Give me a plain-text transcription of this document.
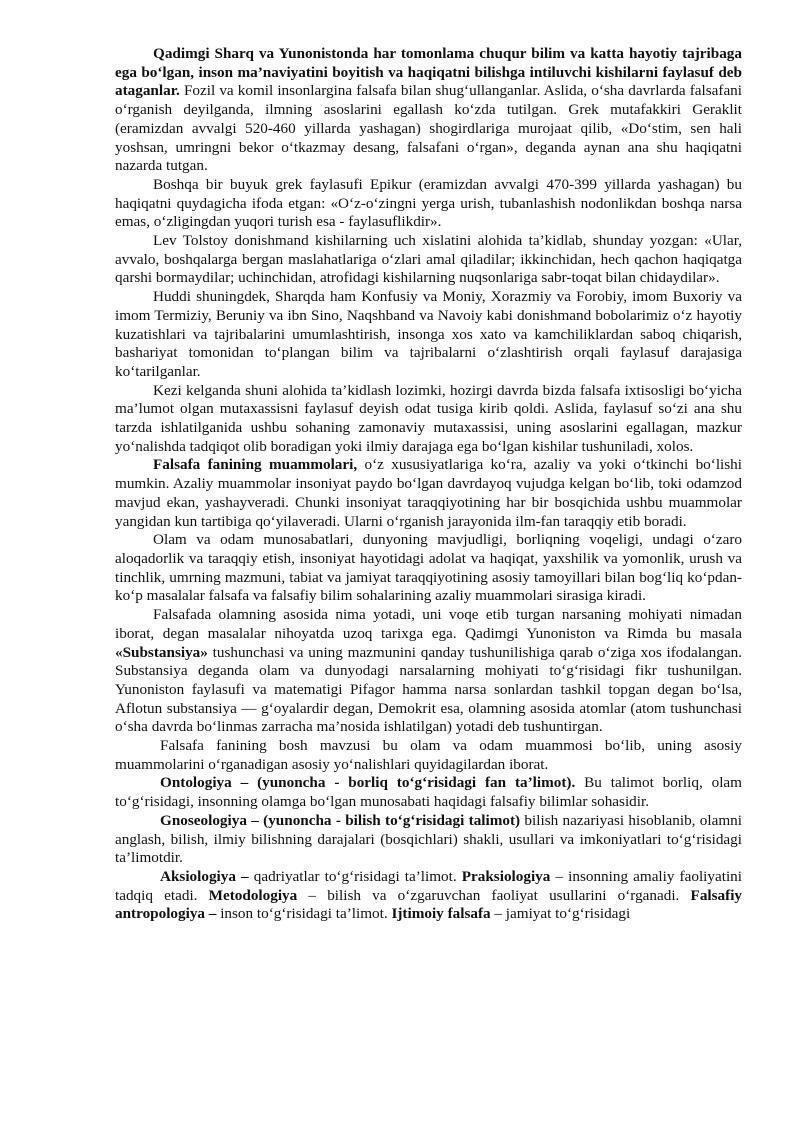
Qadimgi Sharq va Yunonistonda har tomonlama chuqur bilim va katta hayotiy tajribaga ega bo‘lgan, inson ma’naviyatini boyitish va haqiqatni bilishga intiluvchi kishilarni faylasuf deb ataganlar. Fozil va komil insonlargina falsafa bilan shug‘ullanganlar. Aslida, o‘sha davrlarda falsafani o‘rganish deyilganda, ilmning asoslarini egallash ko‘zda tutilgan. Grek mutafakkiri Geraklit (eramizdan avvalgi 520-460 yillarda yashagan) shogirdlariga murojaat qilib, «Do‘stim, sen hali yoshsan, umringni bekor o‘tkazmay desang, falsafani o‘rgan», deganda aynan ana shu haqiqatni nazarda tutgan.

Boshqa bir buyuk grek faylasufi Epikur (eramizdan avvalgi 470-399 yillarda yashagan) bu haqiqatni quydagicha ifoda etgan: «O‘z-o‘zingni yerga urish, tubanlashish nodonlikdan boshqa narsa emas, o‘zligingdan yuqori turish esa - faylasuflikdir».

Lev Tolstoy donishmand kishilarning uch xislatini alohida ta’kidlab, shunday yozgan: «Ular, avvalo, boshqalarga bergan maslahatlariga o‘zlari amal qiladilar; ikkinchidan, hech qachon haqiqatga qarshi bormaydilar; uchinchidan, atrofidagi kishilarning nuqsonlariga sabr-toqat bilan chidaydilar».

Huddi shuningdek, Sharqda ham Konfusiy va Moniy, Xorazmiy va Forobiy, imom Buxoriy va imom Termiziy, Beruniy va ibn Sino, Naqshband va Navoiy kabi donishmand bobolarimiz o‘z hayotiy kuzatishlari va tajribalarini umumlashtirish, insonga xos xato va kamchiliklardan saboq chiqarish, bashariyat tomonidan to‘plangan bilim va tajribalarni o‘zlashtirish orqali faylasuf darajasiga ko‘tarilganlar.

Kezi kelganda shuni alohida ta’kidlash lozimki, hozirgi davrda bizda falsafa ixtisosligi bo‘yicha ma’lumot olgan mutaxassisni faylasuf deyish odat tusiga kirib qoldi. Aslida, faylasuf so‘zi ana shu tarzda ishlatilganida ushbu sohaning zamonaviy mutaxassisi, uning asoslarini egallagan, mazkur yo‘nalishda tadqiqot olib boradigan yoki ilmiy darajaga ega bo‘lgan kishilar tushuniladi, xolos.

Falsafa fanining muammolari, o‘z xususiyatlariga ko‘ra, azaliy va yoki o‘tkinchi bo‘lishi mumkin. Azaliy muammolar insoniyat paydo bo‘lgan davrdayoq vujudga kelgan bo‘lib, toki odamzod mavjud ekan, yashayveradi. Chunki insoniyat taraqqiyotining har bir bosqichida ushbu muammolar yangidan kun tartibiga qo‘yilaveradi. Ularni o‘rganish jarayonida ilm-fan taraqqiy etib boradi.

Olam va odam munosabatlari, dunyoning mavjudligi, borliqning voqeligi, undagi o‘zaro aloqadorlik va taraqqiy etish, insoniyat hayotidagi adolat va haqiqat, yaxshilik va yomonlik, urush va tinchlik, umrning mazmuni, tabiat va jamiyat taraqqiyotining asosiy tamoyillari bilan bog‘liq ko‘pdan-ko‘p masalalar falsafa va falsafiy bilim sohalarining azaliy muammolari sirasiga kiradi.

Falsafada olamning asosida nima yotadi, uni voqe etib turgan narsaning mohiyati nimadan iborat, degan masalalar nihoyatda uzoq tarixga ega. Qadimgi Yunoniston va Rimda bu masala «Substansiya» tushunchasi va uning mazmunini qanday tushunilishiga qarab o‘ziga xos ifodalangan. Substansiya deganda olam va dunyodagi narsalarning mohiyati to‘g‘risidagi fikr tushunilgan. Yunoniston faylasufi va matematigi Pifagor hamma narsa sonlardan tashkil topgan degan bo‘lsa, Aflotun substansiya — g‘oyalardir degan, Demokrit esa, olamning asosida atomlar (atom tushunchasi o‘sha davrda bo‘linmas zarracha ma’nosida ishlatilgan) yotadi deb tushuntirgan.

Falsafa fanining bosh mavzusi bu olam va odam muammosi bo‘lib, uning asosiy muammolarini o‘rganadigan asosiy yo‘nalishlari quyidagilardan iborat.

Ontologiya – (yunoncha - borliq to‘g‘risidagi fan ta’limot). Bu talimot borliq, olam to‘g‘risidagi, insonning olamga bo‘lgan munosabati haqidagi falsafiy bilimlar sohasidir.

Gnoseologiya – (yunoncha - bilish to‘g‘risidagi talimot) bilish nazariyasi hisoblanib, olamni anglash, bilish, ilmiy bilishning darajalari (bosqichlari) shakli, usullari va imkoniyatlari to‘g‘risidagi ta’limotdir.

Aksiologiya – qadriyatlar to‘g‘risidagi ta’limot. Praksiologiya – insonning amaliy faoliyatini tadqiq etadi. Metodologiya – bilish va o‘zgaruvchan faoliyat usullarini o‘rganadi. Falsafiy antropologiya – inson to‘g‘risidagi ta’limot. Ijtimoiy falsafa – jamiyat to‘g‘risidagi
